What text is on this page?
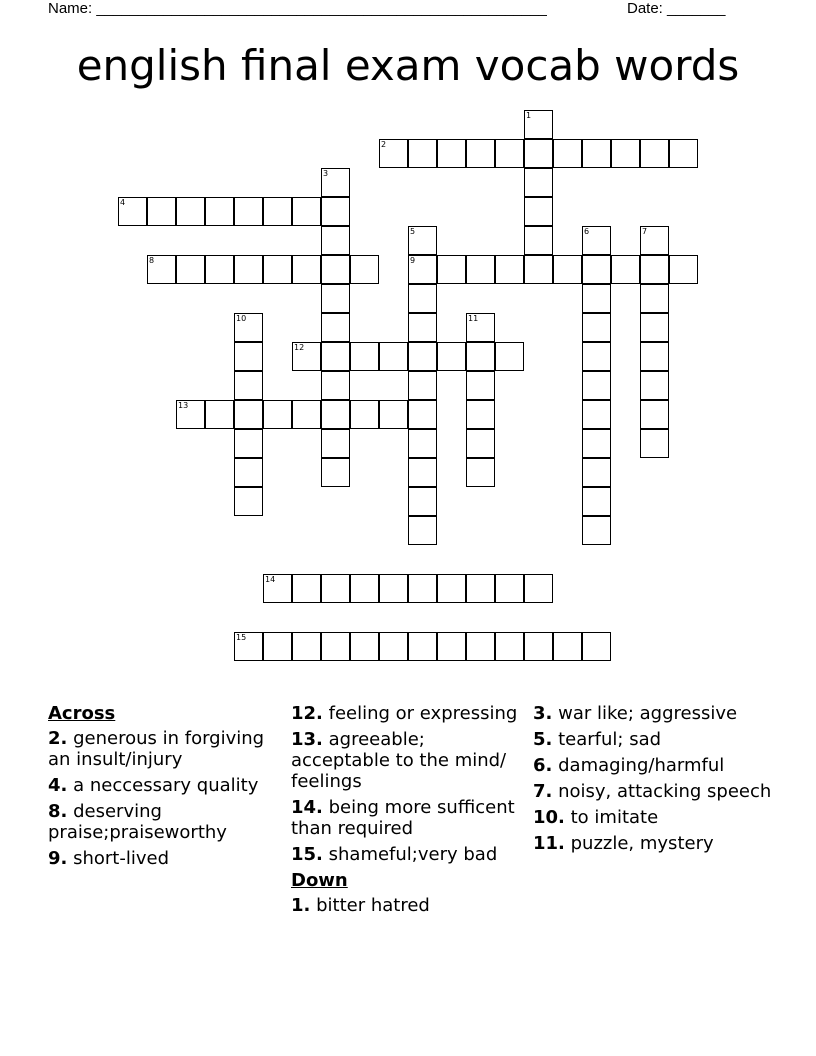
Name: ______________________________________________________	Date: _______
english final exam vocab words
1
2
3
4
5	6	7
8	9
10	11
12
13
14
15
Across
2. generous in forgiving an insult/injury
4. a neccessary quality
8. deserving praise;praiseworthy
9. short-lived
12. feeling or expressing
13. agreeable; acceptable to the mind/ feelings
14. being more sufficent than required
15. shameful;very bad
Down
1. bitter hatred
3. war like; aggressive
5. tearful; sad
6. damaging/harmful
7. noisy, attacking speech
10. to imitate
11. puzzle, mystery
